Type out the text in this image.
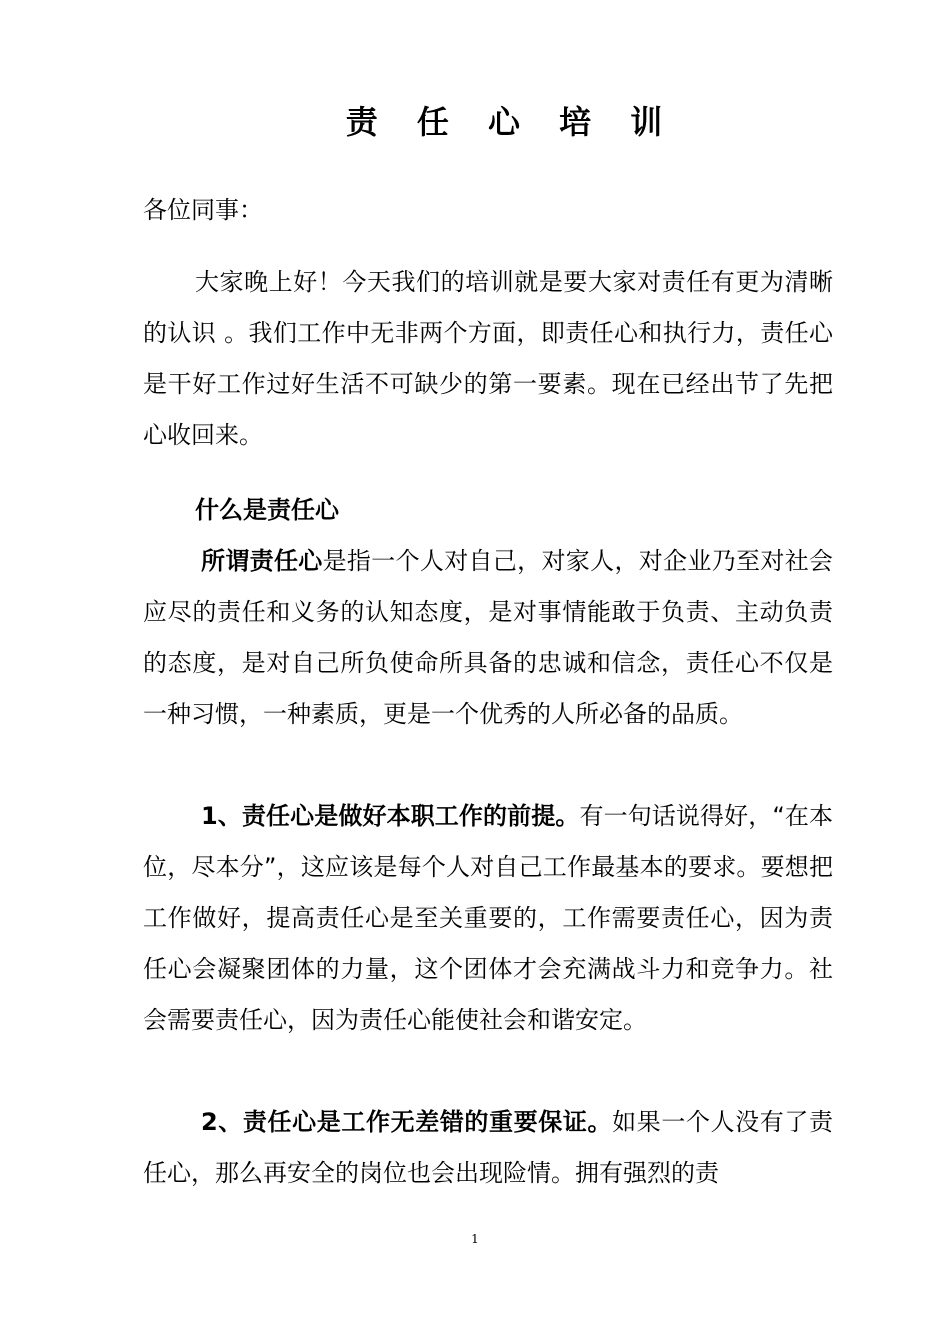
责 任 心 培 训
各位同事：
大家晚上好！今天我们的培训就是要大家对责任有更为清晰的认识 。我们工作中无非两个方面，即责任心和执行力，责任心是干好工作过好生活不可缺少的第一要素。现在已经出节了先把心收回来。
什么是责任心
所谓责任心是指一个人对自己，对家人，对企业乃至对社会应尽的责任和义务的认知态度，是对事情能敢于负责、主动负责的态度，是对自己所负使命所具备的忠诚和信念，责任心不仅是一种习惯，一种素质，更是一个优秀的人所必备的品质。
1、责任心是做好本职工作的前提。有一句话说得好，“在本位，尽本分”，这应该是每个人对自己工作最基本的要求。要想把工作做好，提高责任心是至关重要的，工作需要责任心，因为责任心会凝聚团体的力量，这个团体才会充满战斗力和竞争力。社会需要责任心，因为责任心能使社会和谐安定。
2、责任心是工作无差错的重要保证。如果一个人没有了责任心，那么再安全的岗位也会出现险情。拥有强烈的责
1
